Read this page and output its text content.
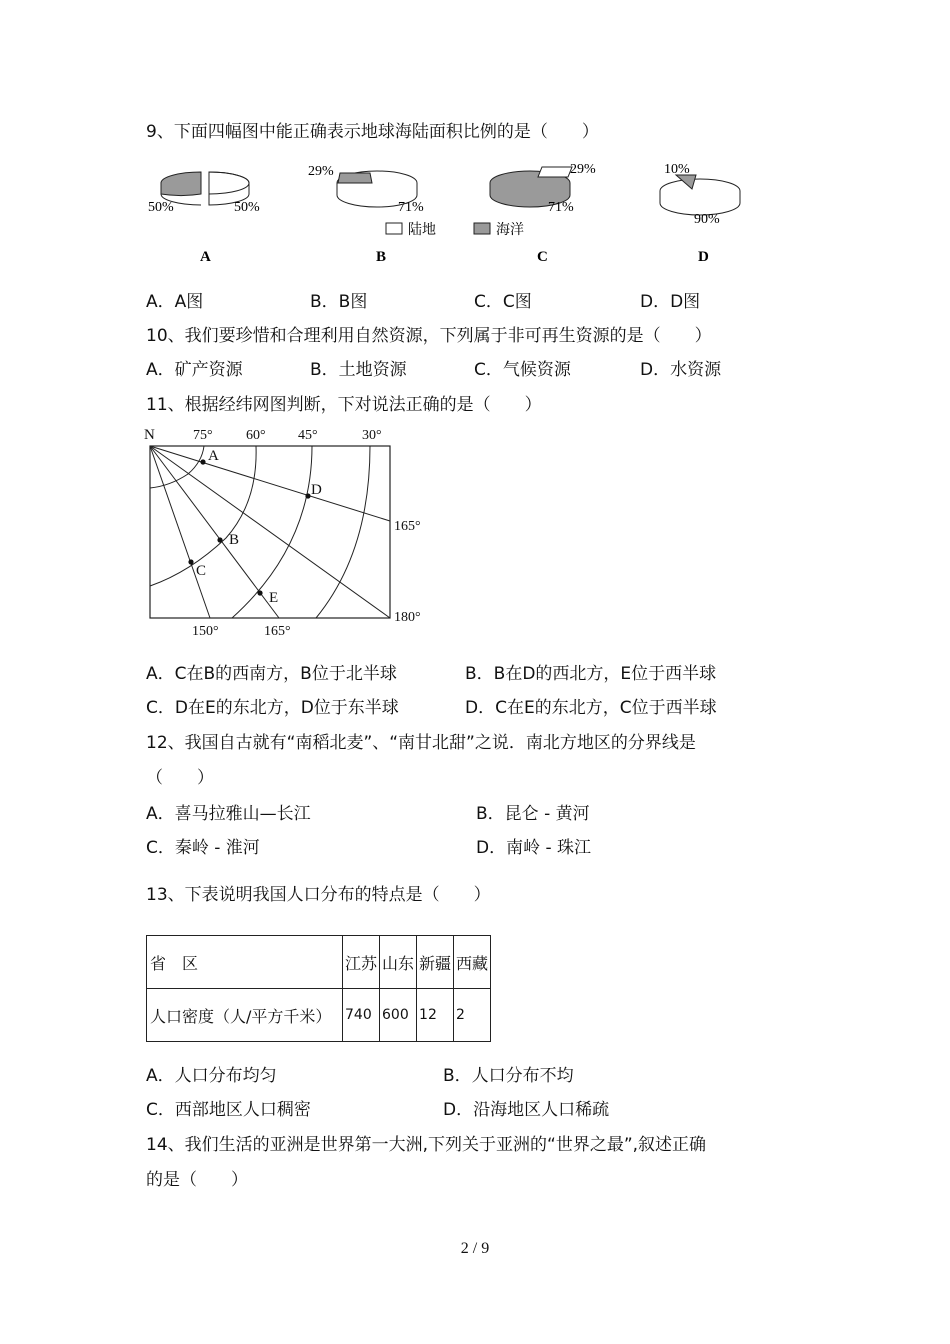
9、下面四幅图中能正确表示地球海陆面积比例的是（　　）
50%	50%
A
29%
71%
B
29%
71%
C
10%
90%
D
陆地	海洋
A．A图	B．B图	C．C图	D．D图
10、我们要珍惜和合理利用自然资源，下列属于非可再生资源的是（　　）
A．矿产资源	B．土地资源	C．气候资源	D．水资源
11、根据经纬网图判断，下对说法正确的是（　　）
A
B
C
D
E
N	75° 60° 45°	30°
165°
180°
150°	165°
A．C在B的西南方，B位于北半球	B．B在D的西北方，E位于西半球
C．D在E的东北方，D位于东半球	D．C在E的东北方，C位于西半球
12、我国自古就有“南稻北麦”、“南甘北甜”之说．南北方地区的分界线是
（　　）
A．喜马拉雅山—长江	B．昆仑 - 黄河
C．秦岭 - 淮河	D．南岭 - 珠江
13、下表说明我国人口分布的特点是（　　）
省　区	江苏	山东	新疆	西藏
人口密度（人/平方千米）	740	600	12	2
A．人口分布均匀	B．人口分布不均
C．西部地区人口稠密	D．沿海地区人口稀疏
14、我们生活的亚洲是世界第一大洲,下列关于亚洲的“世界之最”,叙述正确
的是（　　）
2 / 9
